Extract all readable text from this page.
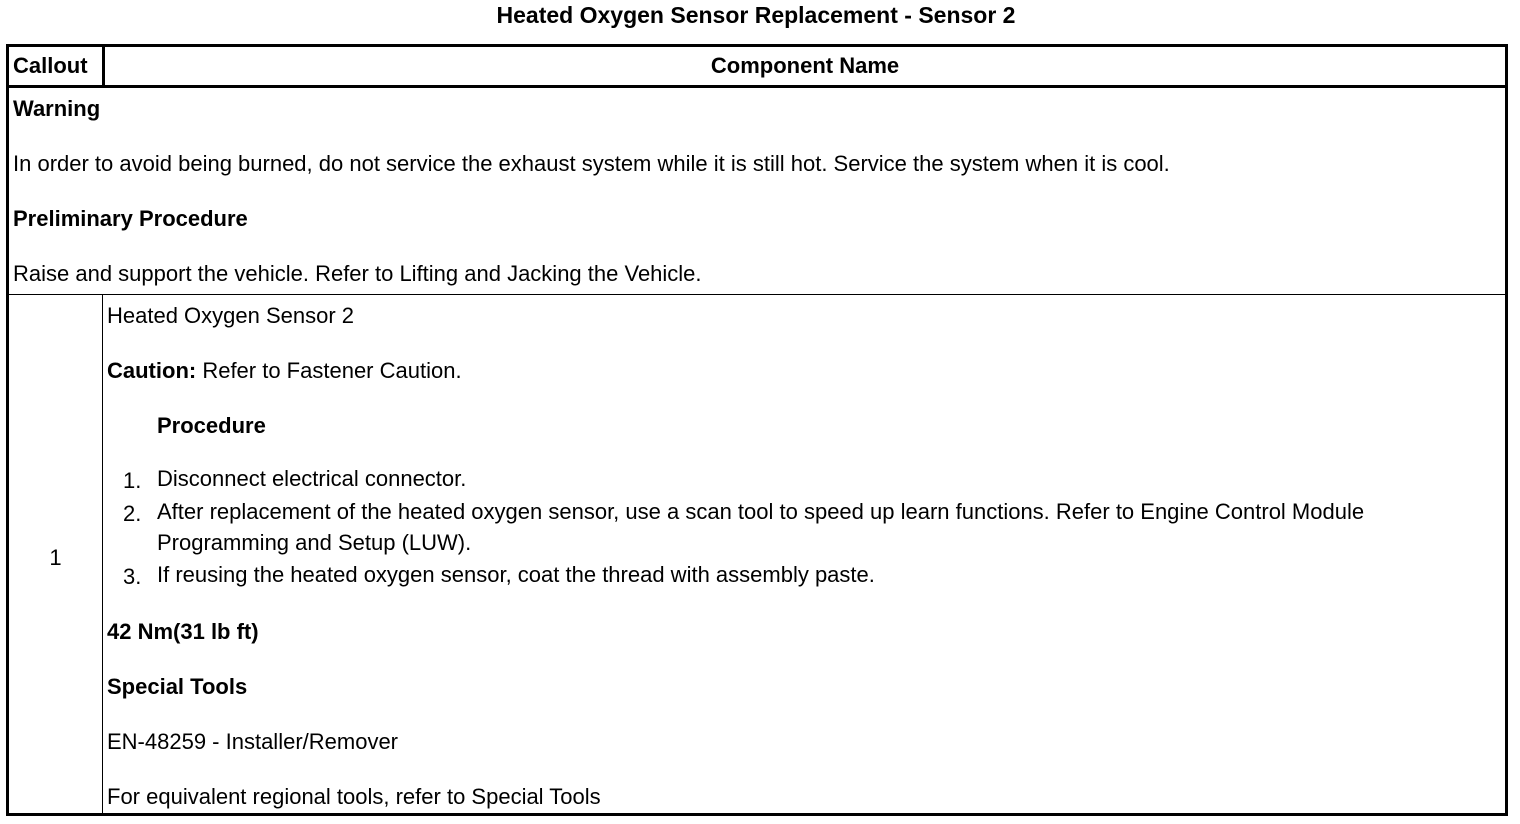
Heated Oxygen Sensor Replacement - Sensor 2
Callout	Component Name
Warning
In order to avoid being burned, do not service the exhaust system while it is still hot. Service the system when it is cool.
Preliminary Procedure
Raise and support the vehicle. Refer to Lifting and Jacking the Vehicle.
1
Heated Oxygen Sensor 2
Caution: Refer to Fastener Caution.
Procedure
1. Disconnect electrical connector.
2. After replacement of the heated oxygen sensor, use a scan tool to speed up learn functions. Refer to Engine Control Module Programming and Setup (LUW).
3. If reusing the heated oxygen sensor, coat the thread with assembly paste.
42 Nm(31 lb ft)
Special Tools
EN-48259 - Installer/Remover
For equivalent regional tools, refer to Special Tools
